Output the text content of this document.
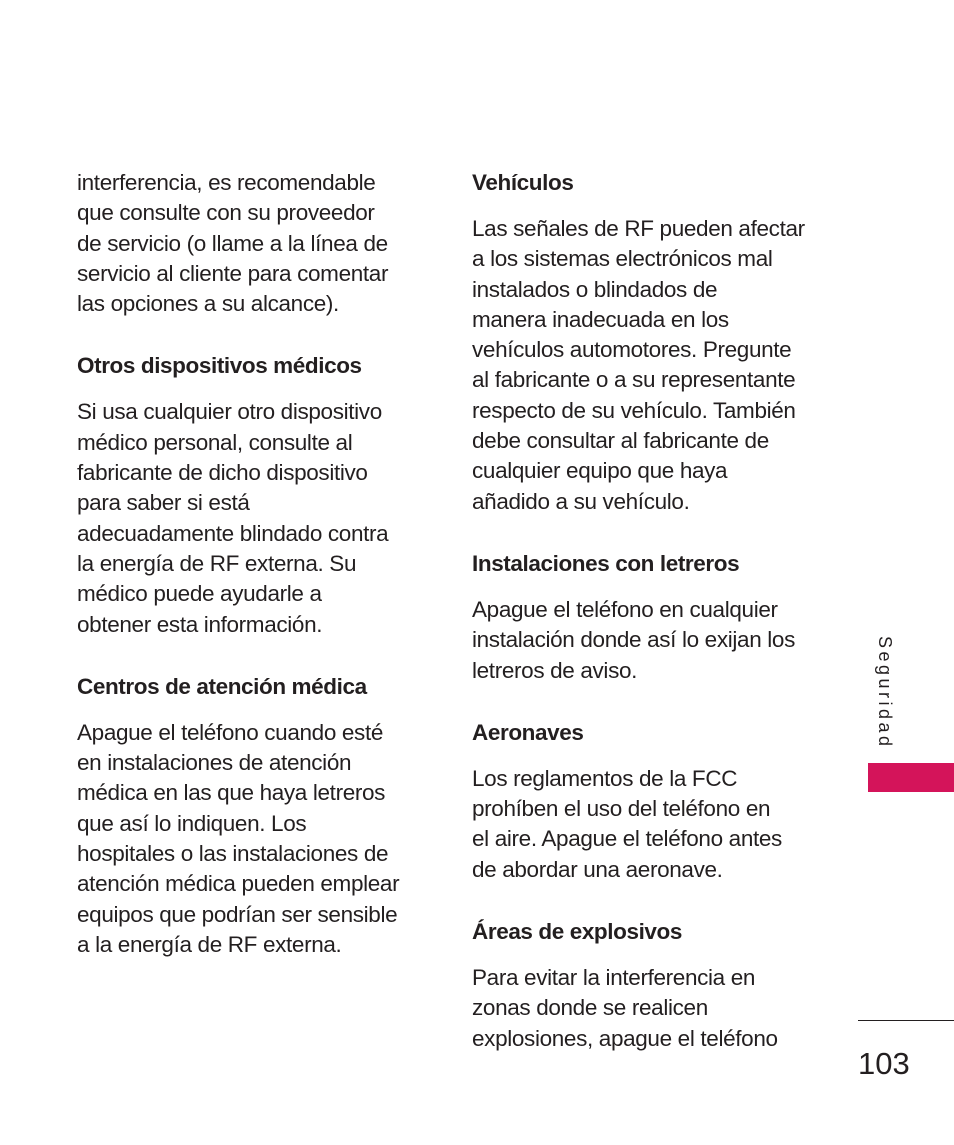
interferencia, es recomendable
que consulte con su proveedor
de servicio (o llame a la línea de
servicio al cliente para comentar
las opciones a su alcance).

Otros dispositivos médicos

Si usa cualquier otro dispositivo
médico personal, consulte al
fabricante de dicho dispositivo
para saber si está
adecuadamente blindado contra
la energía de RF externa. Su
médico puede ayudarle a
obtener esta información.

Centros de atención médica

Apague el teléfono cuando esté
en instalaciones de atención
médica en las que haya letreros
que así lo indiquen. Los
hospitales o las instalaciones de
atención médica pueden emplear
equipos que podrían ser sensible
a la energía de RF externa.

Vehículos

Las señales de RF pueden afectar
a los sistemas electrónicos mal
instalados o blindados de
manera inadecuada en los
vehículos automotores. Pregunte
al fabricante o a su representante
respecto de su vehículo. También
debe consultar al fabricante de
cualquier equipo que haya
añadido a su vehículo.

Instalaciones con letreros

Apague el teléfono en cualquier
instalación donde así lo exijan los
letreros de aviso.

Aeronaves

Los reglamentos de la FCC
prohíben el uso del teléfono en
el aire. Apague el teléfono antes
de abordar una aeronave.

Áreas de explosivos

Para evitar la interferencia en
zonas donde se realicen
explosiones, apague el teléfono

Seguridad
103
